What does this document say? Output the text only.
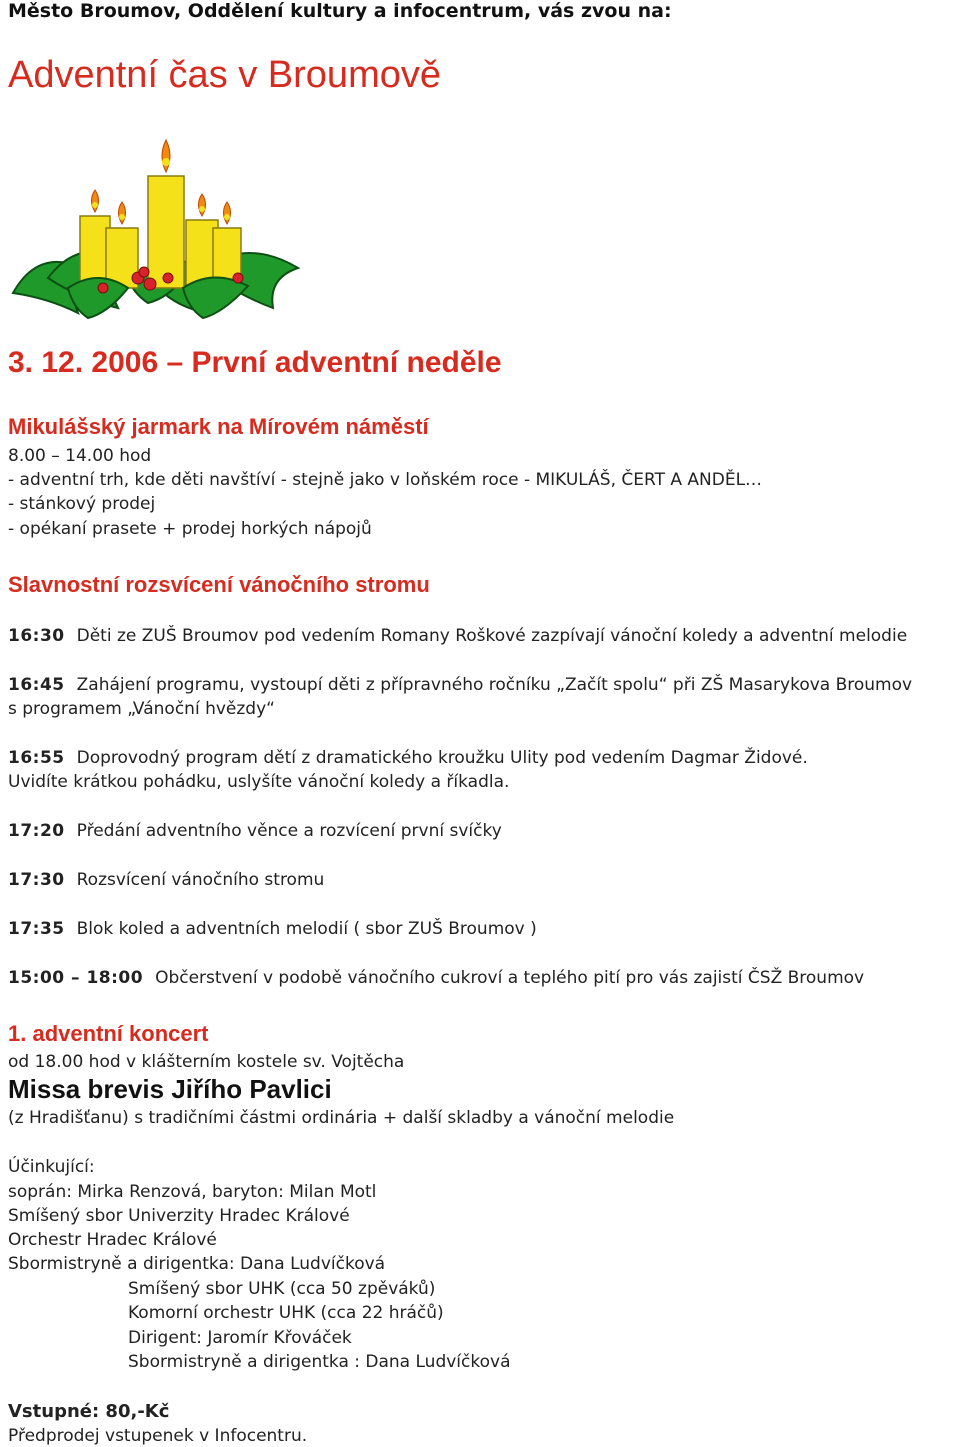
Město Broumov, Oddělení kultury a infocentrum, vás zvou na:
Adventní čas v Broumově
3. 12. 2006 – První adventní neděle
Mikulášský jarmark na Mírovém náměstí
8.00 – 14.00 hod
- adventní trh, kde děti navštíví - stejně jako v loňském roce - MIKULÁŠ, ČERT A ANDĚL…
- stánkový prodej
- opékaní prasete + prodej horkých nápojů
Slavnostní rozsvícení vánočního stromu
16:30 Děti ze ZUŠ Broumov pod vedením Romany Roškové zazpívají vánoční koledy a adventní melodie
16:45 Zahájení programu, vystoupí děti z přípravného ročníku „Začít spolu“ při ZŠ Masarykova Broumov
s programem „Vánoční hvězdy“
16:55 Doprovodný program dětí z dramatického kroužku Ulity pod vedením Dagmar Židové.
Uvidíte krátkou pohádku, uslyšíte vánoční koledy a říkadla.
17:20 Předání adventního věnce a rozvícení první svíčky
17:30 Rozsvícení vánočního stromu
17:35 Blok koled a adventních melodií ( sbor ZUŠ Broumov )
15:00 – 18:00 Občerstvení v podobě vánočního cukroví a teplého pití pro vás zajistí ČSŽ Broumov
1. adventní koncert
od 18.00 hod v klášterním kostele sv. Vojtěcha
Missa brevis Jiřího Pavlici
(z Hradišťanu) s tradičními částmi ordinária + další skladby a vánoční melodie
Účinkující:
soprán: Mirka Renzová, baryton: Milan Motl
Smíšený sbor Univerzity Hradec Králové
Orchestr Hradec Králové
Sbormistryně a dirigentka: Dana Ludvíčková
Smíšený sbor UHK (cca 50 zpěváků)
Komorní orchestr UHK (cca 22 hráčů)
Dirigent: Jaromír Křováček
Sbormistryně a dirigentka : Dana Ludvíčková
Vstupné: 80,-Kč
Předprodej vstupenek v Infocentru.
